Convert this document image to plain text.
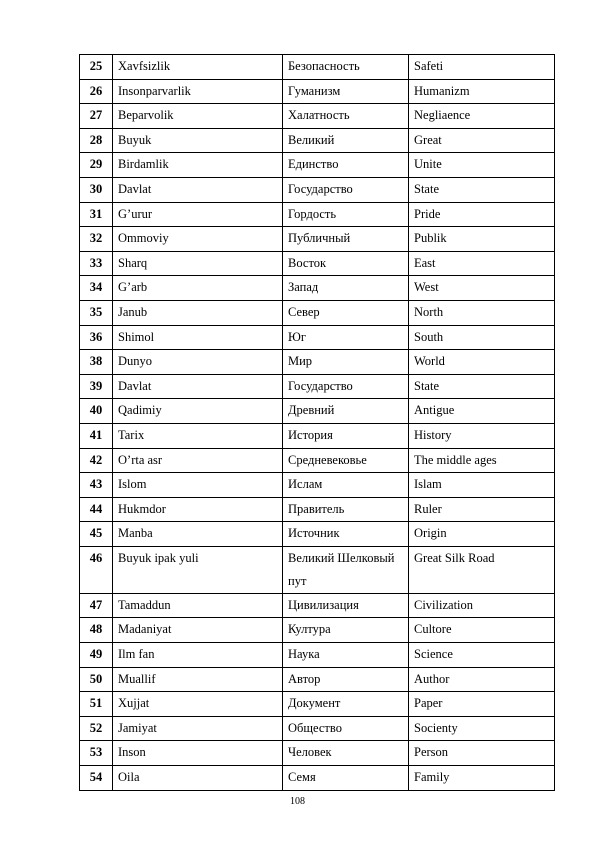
25	Xavfsizlik	Безопасность	Safeti
26	Insonparvarlik	Гуманизм	Humanizm
27	Beparvolik	Халатность	Negliaence
28	Buyuk	Великий	Great
29	Birdamlik	Единство	Unite
30	Davlat	Государство	State
31	G’urur	Гордость	Pride
32	Ommoviy	Публичный	Publik
33	Sharq	Восток	East
34	G’arb	Запад	West
35	Janub	Север	North
36	Shimol	Юг	South
38	Dunyo	Мир	World
39	Davlat	Государство	State
40	Qadimiy	Древний	Antigue
41	Tarix	История	History
42	O’rta asr	Средневековье	The middle ages
43	Islom	Ислам	Islam
44	Hukmdor	Правитель	Ruler
45	Manba	Источник	Origin
46	Buyuk ipak yuli	Великий Шелковый пут	Great Silk Road
47	Tamaddun	Цивилизация	Civilization
48	Madaniyat	Култура	Cultore
49	Ilm fan	Наука	Science
50	Muallif	Автор	Author
51	Xujjat	Документ	Paper
52	Jamiyat	Общество	Socienty
53	Inson	Человек	Person
54	Oila	Семя	Family
108
